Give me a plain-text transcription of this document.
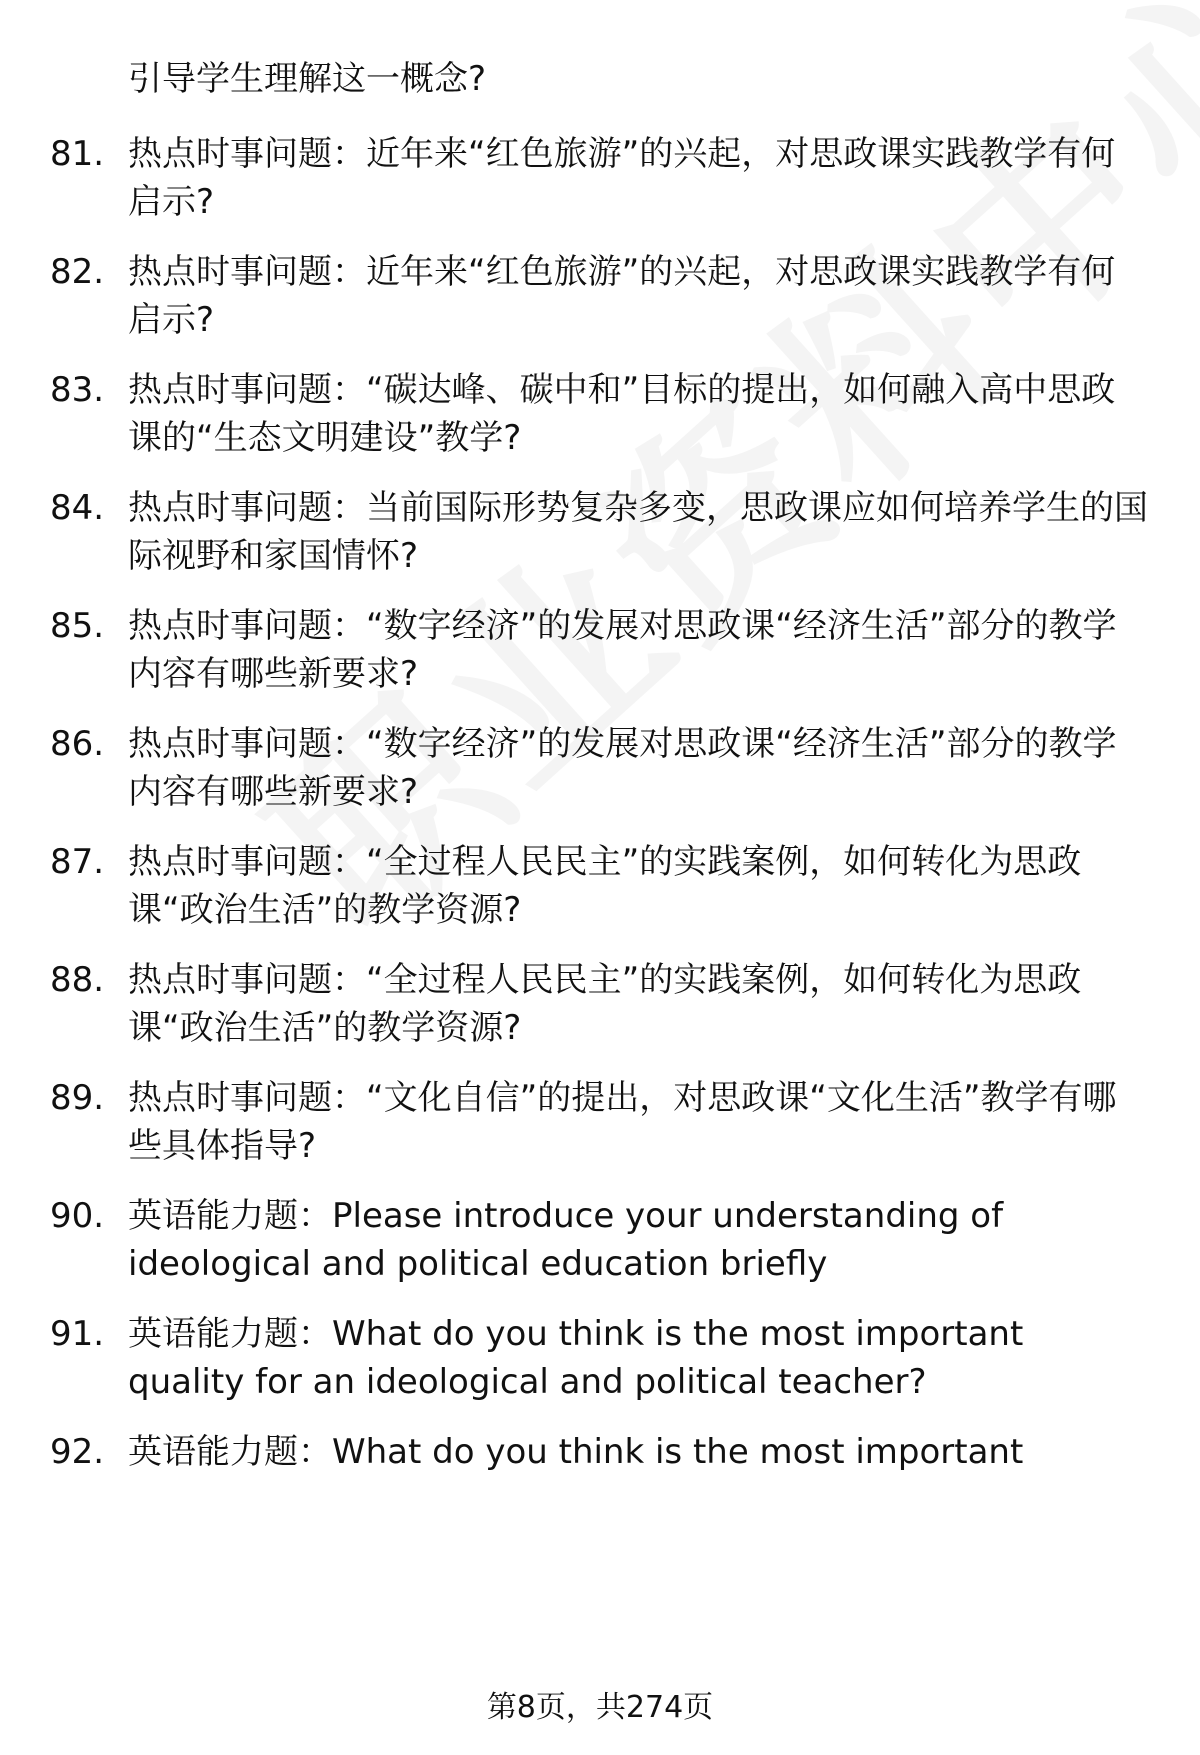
引导学生理解这一概念?
81. 热点时事问题：近年来“红色旅游”的兴起，对思政课实践教学有何启示?
82. 热点时事问题：近年来“红色旅游”的兴起，对思政课实践教学有何启示?
83. 热点时事问题：“碳达峰、碳中和”目标的提出，如何融入高中思政课的“生态文明建设”教学?
84. 热点时事问题：当前国际形势复杂多变，思政课应如何培养学生的国际视野和家国情怀?
85. 热点时事问题：“数字经济”的发展对思政课“经济生活”部分的教学内容有哪些新要求?
86. 热点时事问题：“数字经济”的发展对思政课“经济生活”部分的教学内容有哪些新要求?
87. 热点时事问题：“全过程人民民主”的实践案例，如何转化为思政课“政治生活”的教学资源?
88. 热点时事问题：“全过程人民民主”的实践案例，如何转化为思政课“政治生活”的教学资源?
89. 热点时事问题：“文化自信”的提出，对思政课“文化生活”教学有哪些具体指导?
90. 英语能力题：Please introduce your understanding of ideological and political education briefly
91. 英语能力题：What do you think is the most important quality for an ideological and political teacher?
92. 英语能力题：What do you think is the most important
第8页，共274页
